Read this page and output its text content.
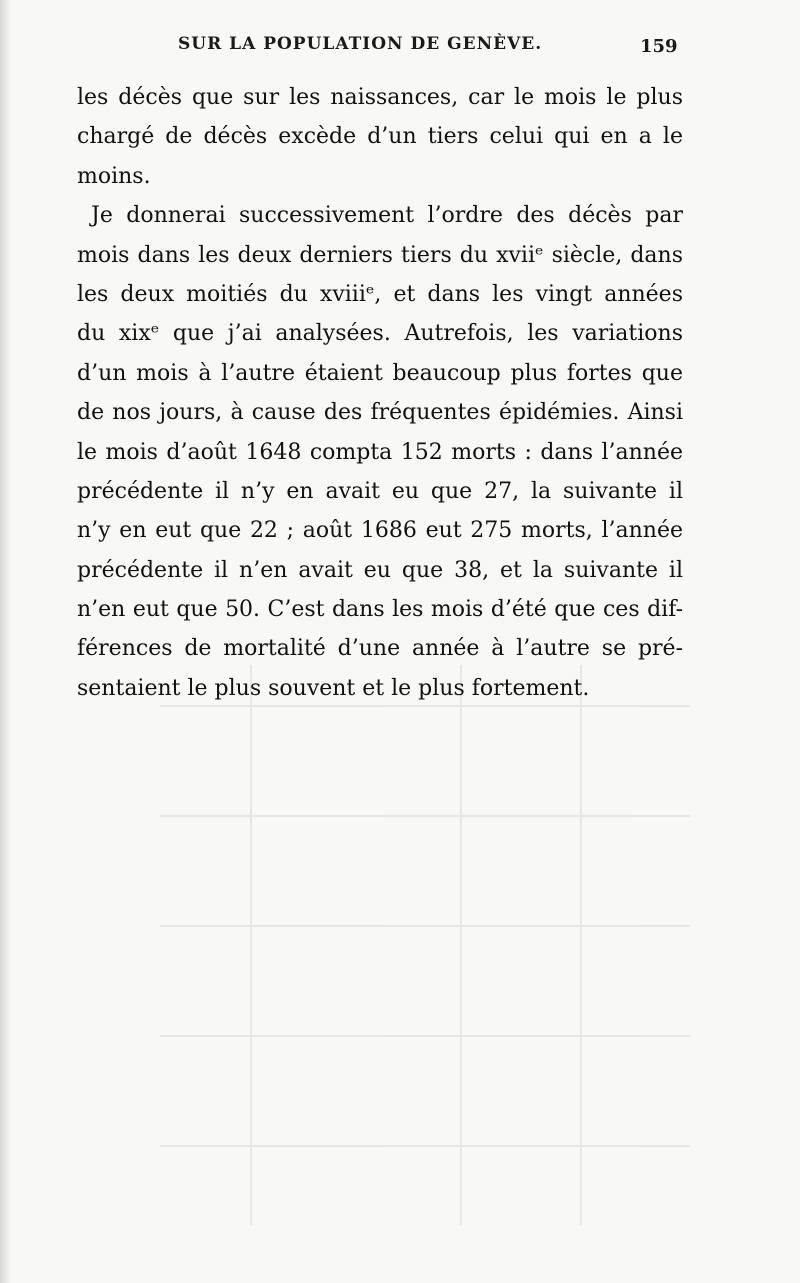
SUR LA POPULATION DE GENÈVE.	159
les décès que sur les naissances, car le mois le plus
chargé de décès excède d’un tiers celui qui en a le
moins.
Je donnerai successivement l’ordre des décès par
mois dans les deux derniers tiers du xviiᵉ siècle, dans
les deux moitiés du xviiiᵉ, et dans les vingt années
du xixᵉ que j’ai analysées. Autrefois, les variations
d’un mois à l’autre étaient beaucoup plus fortes que
de nos jours, à cause des fréquentes épidémies. Ainsi
le mois d’août 1648 compta 152 morts : dans l’année
précédente il n’y en avait eu que 27, la suivante il
n’y en eut que 22 ; août 1686 eut 275 morts, l’année
précédente il n’en avait eu que 38, et la suivante il
n’en eut que 50. C’est dans les mois d’été que ces dif-
férences de mortalité d’une année à l’autre se pré-
sentaient le plus souvent et le plus fortement.
